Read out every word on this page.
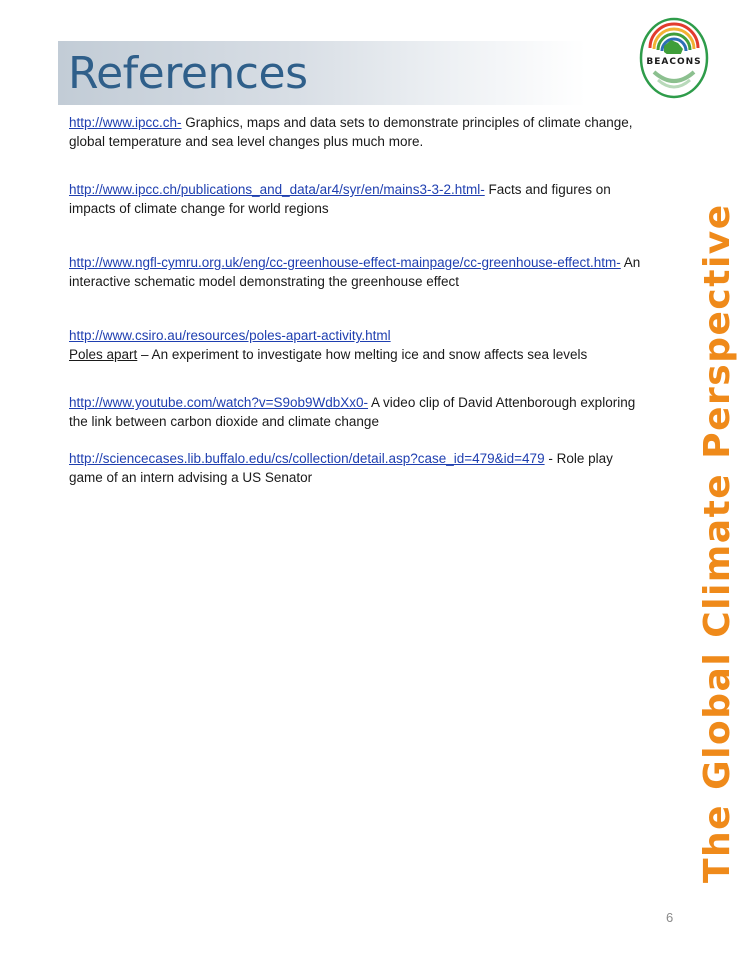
References	BEACONS
The Global Climate Perspective

http://www.ipcc.ch- Graphics, maps and data sets to demonstrate principles of climate change, global temperature and sea level changes plus much more.

http://www.ipcc.ch/publications_and_data/ar4/syr/en/mains3-3-2.html- Facts and figures on impacts of climate change for world regions

http://www.ngfl-cymru.org.uk/eng/cc-greenhouse-effect-mainpage/cc-greenhouse-effect.htm- An interactive schematic model demonstrating the greenhouse effect

http://www.csiro.au/resources/poles-apart-activity.html
Poles apart – An experiment to investigate how melting ice and snow affects sea levels

http://www.youtube.com/watch?v=S9ob9WdbXx0- A video clip of David Attenborough exploring the link between carbon dioxide and climate change

http://sciencecases.lib.buffalo.edu/cs/collection/detail.asp?case_id=479&id=479 - Role play game of an intern advising a US Senator

6
